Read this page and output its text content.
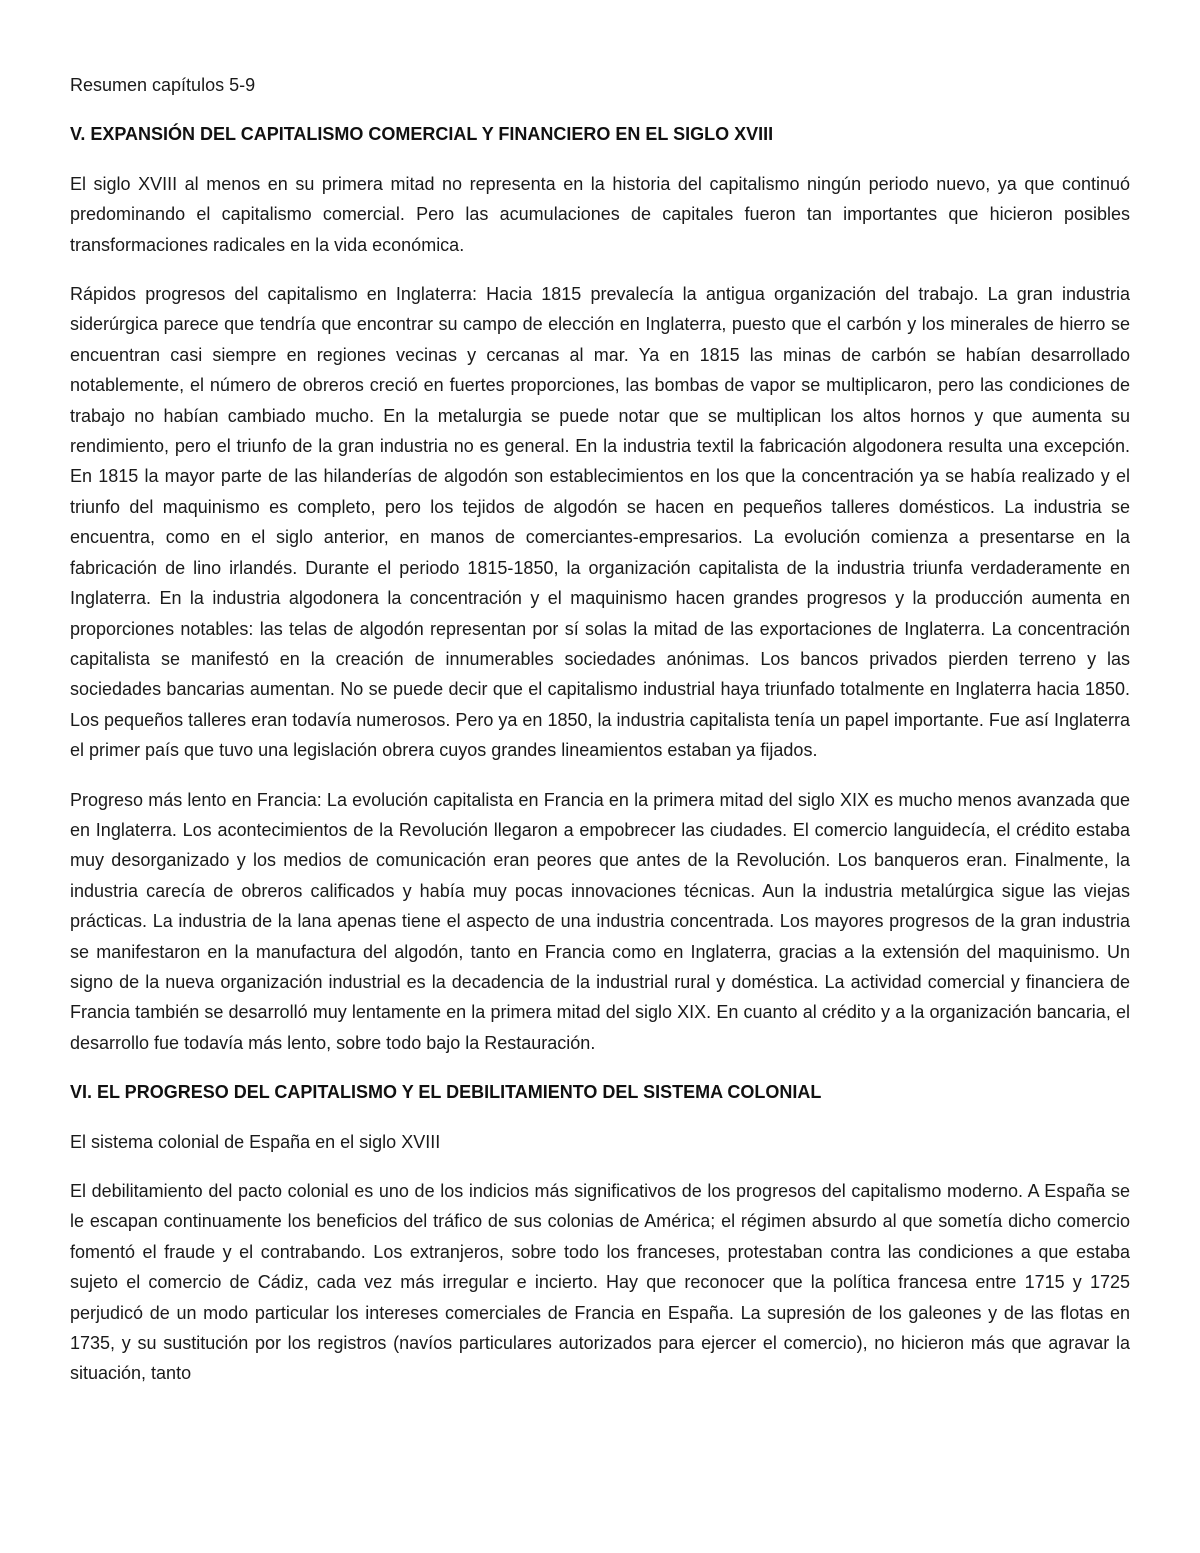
Resumen capítulos 5-9

V. EXPANSIÓN DEL CAPITALISMO COMERCIAL Y FINANCIERO EN EL SIGLO XVIII

El siglo XVIII al menos en su primera mitad no representa en la historia del capitalismo ningún periodo nuevo, ya que continuó predominando el capitalismo comercial. Pero las acumulaciones de capitales fueron tan importantes que hicieron posibles transformaciones radicales en la vida económica.

Rápidos progresos del capitalismo en Inglaterra: Hacia 1815 prevalecía la antigua organización del trabajo. La gran industria siderúrgica parece que tendría que encontrar su campo de elección en Inglaterra, puesto que el carbón y los minerales de hierro se encuentran casi siempre en regiones vecinas y cercanas al mar. Ya en 1815 las minas de carbón se habían desarrollado notablemente, el número de obreros creció en fuertes proporciones, las bombas de vapor se multiplicaron, pero las condiciones de trabajo no habían cambiado mucho. En la metalurgia se puede notar que se multiplican los altos hornos y que aumenta su rendimiento, pero el triunfo de la gran industria no es general. En la industria textil la fabricación algodonera resulta una excepción. En 1815 la mayor parte de las hilanderías de algodón son establecimientos en los que la concentración ya se había realizado y el triunfo del maquinismo es completo, pero los tejidos de algodón se hacen en pequeños talleres domésticos. La industria se encuentra, como en el siglo anterior, en manos de comerciantes-empresarios. La evolución comienza a presentarse en la fabricación de lino irlandés. Durante el periodo 1815-1850, la organización capitalista de la industria triunfa verdaderamente en Inglaterra. En la industria algodonera la concentración y el maquinismo hacen grandes progresos y la producción aumenta en proporciones notables: las telas de algodón representan por sí solas la mitad de las exportaciones de Inglaterra. La concentración capitalista se manifestó en la creación de innumerables sociedades anónimas. Los bancos privados pierden terreno y las sociedades bancarias aumentan. No se puede decir que el capitalismo industrial haya triunfado totalmente en Inglaterra hacia 1850. Los pequeños talleres eran todavía numerosos. Pero ya en 1850, la industria capitalista tenía un papel importante. Fue así Inglaterra el primer país que tuvo una legislación obrera cuyos grandes lineamientos estaban ya fijados.

Progreso más lento en Francia: La evolución capitalista en Francia en la primera mitad del siglo XIX es mucho menos avanzada que en Inglaterra. Los acontecimientos de la Revolución llegaron a empobrecer las ciudades. El comercio languidecía, el crédito estaba muy desorganizado y los medios de comunicación eran peores que antes de la Revolución. Los banqueros eran. Finalmente, la industria carecía de obreros calificados y había muy pocas innovaciones técnicas. Aun la industria metalúrgica sigue las viejas prácticas. La industria de la lana apenas tiene el aspecto de una industria concentrada. Los mayores progresos de la gran industria se manifestaron en la manufactura del algodón, tanto en Francia como en Inglaterra, gracias a la extensión del maquinismo. Un signo de la nueva organización industrial es la decadencia de la industrial rural y doméstica. La actividad comercial y financiera de Francia también se desarrolló muy lentamente en la primera mitad del siglo XIX. En cuanto al crédito y a la organización bancaria, el desarrollo fue todavía más lento, sobre todo bajo la Restauración.

VI. EL PROGRESO DEL CAPITALISMO Y EL DEBILITAMIENTO DEL SISTEMA COLONIAL

El sistema colonial de España en el siglo XVIII

El debilitamiento del pacto colonial es uno de los indicios más significativos de los progresos del capitalismo moderno. A España se le escapan continuamente los beneficios del tráfico de sus colonias de América; el régimen absurdo al que sometía dicho comercio fomentó el fraude y el contrabando. Los extranjeros, sobre todo los franceses, protestaban contra las condiciones a que estaba sujeto el comercio de Cádiz, cada vez más irregular e incierto. Hay que reconocer que la política francesa entre 1715 y 1725 perjudicó de un modo particular los intereses comerciales de Francia en España. La supresión de los galeones y de las flotas en 1735, y su sustitución por los registros (navíos particulares autorizados para ejercer el comercio), no hicieron más que agravar la situación, tanto
